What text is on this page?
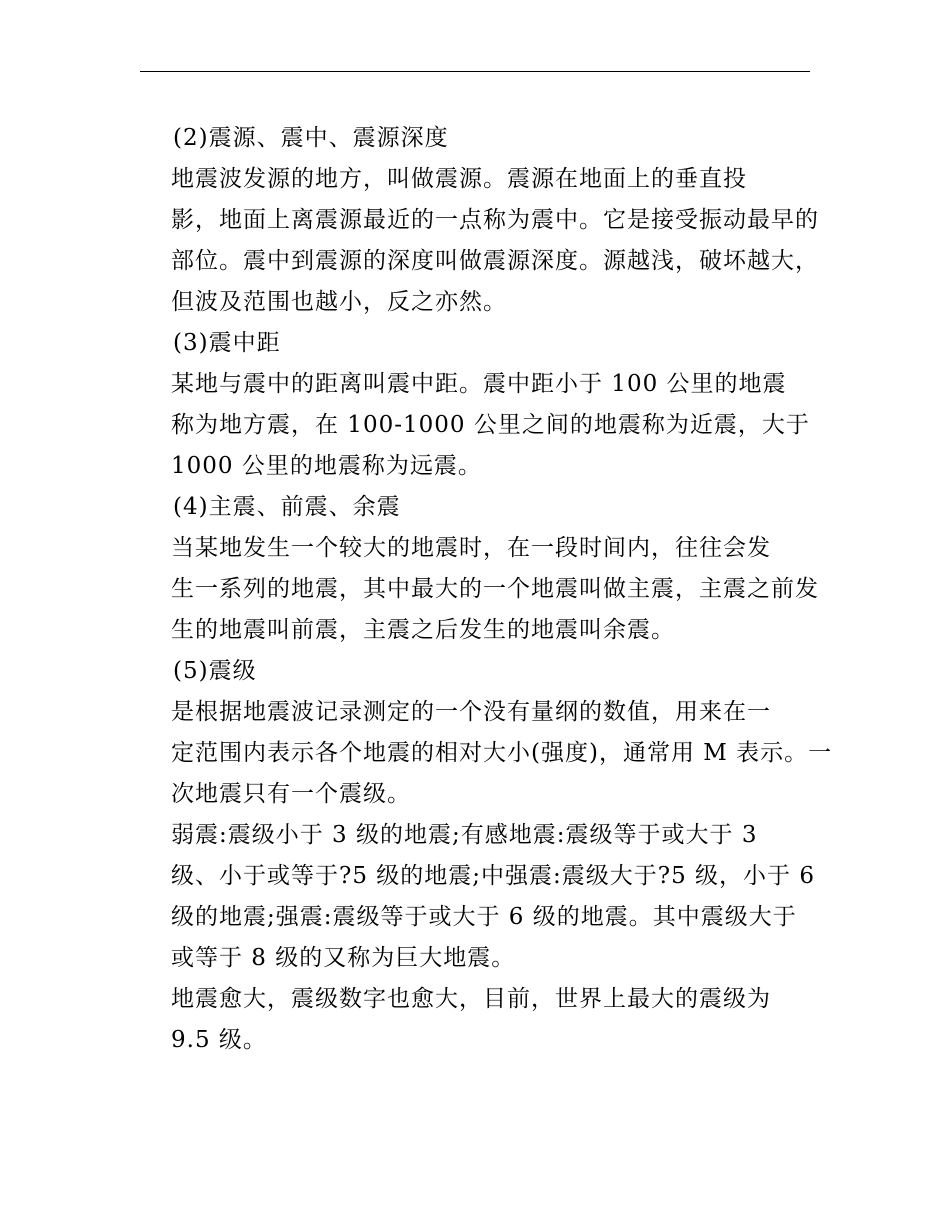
(2)震源、震中、震源深度
地震波发源的地方，叫做震源。震源在地面上的垂直投
影，地面上离震源最近的一点称为震中。它是接受振动最早的
部位。震中到震源的深度叫做震源深度。源越浅，破坏越大，
但波及范围也越小，反之亦然。
(3)震中距
某地与震中的距离叫震中距。震中距小于 100 公里的地震
称为地方震，在 100-1000 公里之间的地震称为近震，大于
1000 公里的地震称为远震。
(4)主震、前震、余震
当某地发生一个较大的地震时，在一段时间内，往往会发
生一系列的地震，其中最大的一个地震叫做主震，主震之前发
生的地震叫前震，主震之后发生的地震叫余震。
(5)震级
是根据地震波记录测定的一个没有量纲的数值，用来在一
定范围内表示各个地震的相对大小(强度)，通常用 M 表示。一
次地震只有一个震级。
弱震:震级小于 3 级的地震;有感地震:震级等于或大于 3
级、小于或等于?5 级的地震;中强震:震级大于?5 级，小于 6
级的地震;强震:震级等于或大于 6 级的地震。其中震级大于
或等于 8 级的又称为巨大地震。
地震愈大，震级数字也愈大，目前，世界上最大的震级为
9.5 级。
